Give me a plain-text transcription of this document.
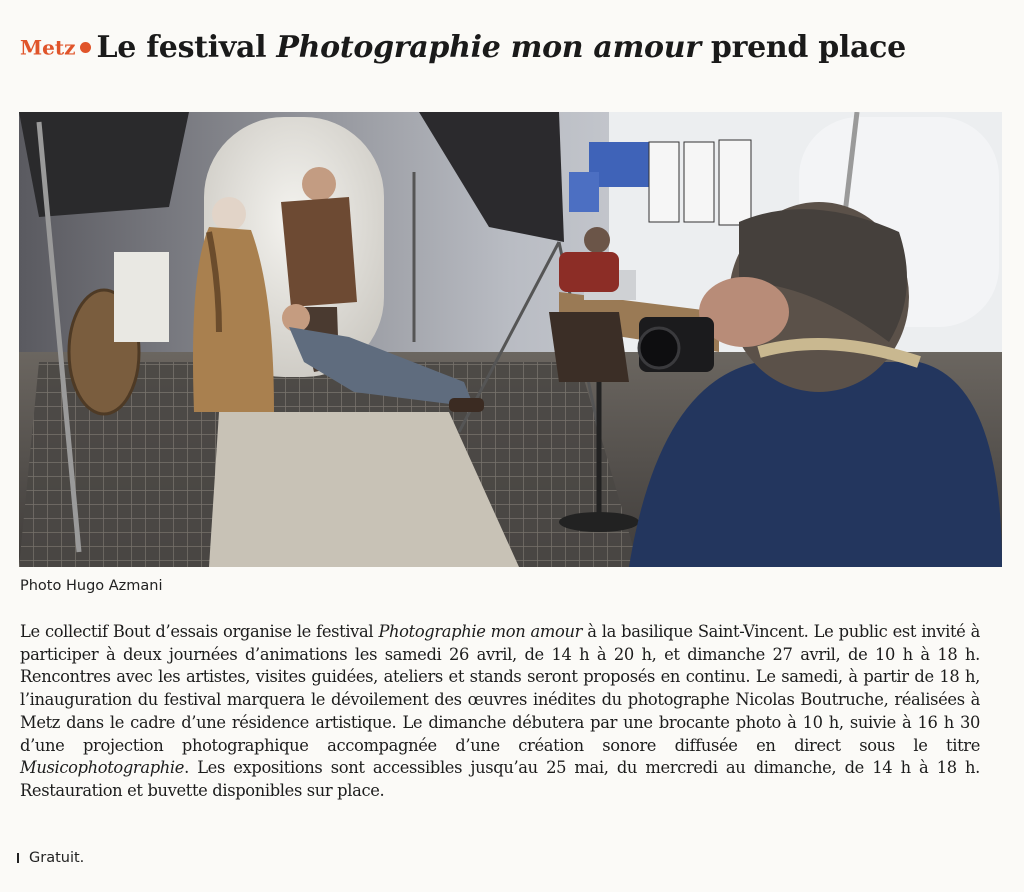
Metz Le festival Photographie mon amour prend place
Photo Hugo Azmani
Le collectif Bout d’essais organise le festival Photographie mon amour à la basilique Saint-Vincent. Le public est invité à participer à deux journées d’animations les samedi 26 avril, de 14 h à 20 h, et dimanche 27 avril, de 10 h à 18 h. Rencontres avec les artistes, visites guidées, ateliers et stands seront proposés en continu. Le samedi, à partir de 18 h, l’inauguration du festival marquera le dévoilement des œuvres inédites du photographe Nicolas Boutruche, réalisées à Metz dans le cadre d’une résidence artistique. Le dimanche débutera par une brocante photo à 10 h, suivie à 16 h 30 d’une projection photographique accompagnée d’une création sonore diffusée en direct sous le titre Musicophotographie. Les expositions sont accessibles jusqu’au 25 mai, du mercredi au dimanche, de 14 h à 18 h. Restauration et buvette disponibles sur place.
Gratuit.
